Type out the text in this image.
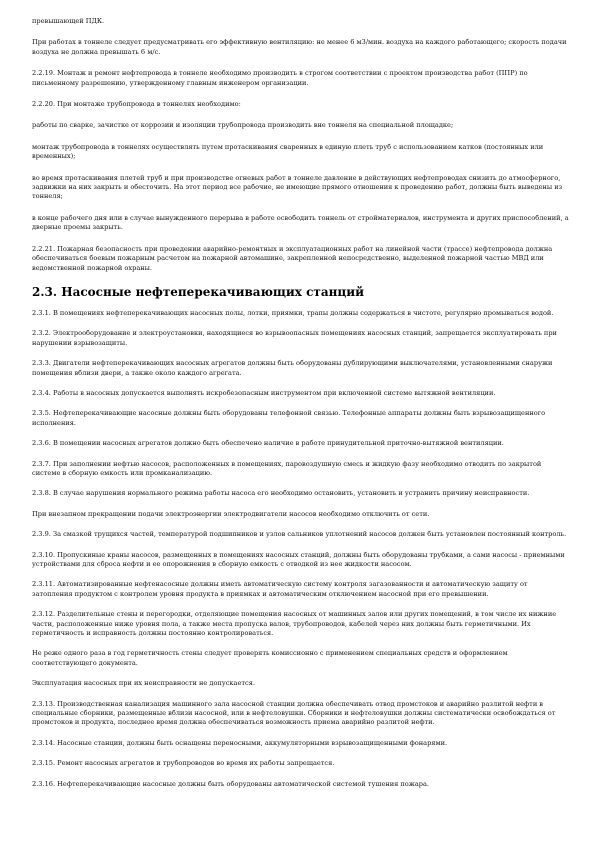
превышающей ПДК.
При работах в тоннеле следует предусматривать его эффективную вентиляцию: не менее 6 м3/мин. воздуха на каждого работающего; скорость подачи воздуха не должна превышать 6 м/с.
2.2.19. Монтаж и ремонт нефтепровода в тоннеле необходимо производить в строгом соответствии с проектом производства работ (ППР) по письменному разрешению, утвержденному главным инженером организации.
2.2.20. При монтаже трубопровода в тоннелях необходимо:
работы по сварке, зачистке от коррозии и изоляции трубопровода производить вне тоннеля на специальной площадке;
монтаж трубопровода в тоннелях осуществлять путем протаскивания сваренных в единую плеть труб с использованием катков (постоянных или временных);
во время протаскивания плетей труб и при производстве огневых работ в тоннеле давление в действующих нефтепроводах снизить до атмосферного, задвижки на них закрыть и обесточить. На этот период все рабочие, не имеющие прямого отношения к проведению работ, должны быть выведены из тоннеля;
в конце рабочего дня или в случае вынужденного перерыва в работе освободить тоннель от стройматериалов, инструмента и других приспособлений, а дверные проемы закрыть.
2.2.21. Пожарная безопасность при проведении аварийно-ремонтных и эксплуатационных работ на линейной части (трассе) нефтепровода должна обеспечиваться боевым пожарным расчетом на пожарной автомашине, закрепленной непосредственно, выделенной пожарной частью МВД или ведомственной пожарной охраны.
2.3. Насосные нефтеперекачивающих станций
2.3.1. В помещениях нефтеперекачивающих насосных полы, лотки, приямки, трапы должны содержаться в чистоте, регулярно промываться водой.
2.3.2. Электрооборудование и электроустановки, находящиеся во взрывоопасных помещениях насосных станций, запрещается эксплуатировать при нарушении взрывозащиты.
2.3.3. Двигатели нефтеперекачивающих насосных агрегатов должны быть оборудованы дублирующими выключателями, установленными снаружи помещения вблизи двери, а также около каждого агрегата.
2.3.4. Работы в насосных допускается выполнять искробезопасным инструментом при включенной системе вытяжной вентиляции.
2.3.5. Нефтеперекачивающие насосные должны быть оборудованы телефонной связью. Телефонные аппараты должны быть взрывозащищенного исполнения.
2.3.6. В помещении насосных агрегатов должно быть обеспечено наличие в работе принудительной приточно-вытяжной вентиляции.
2.3.7. При заполнении нефтью насосов, расположенных в помещениях, паровоздушную смесь и жидкую фазу необходимо отводить по закрытой системе в сборную емкость или промканализацию.
2.3.8. В случае нарушения нормального режима работы насоса его необходимо остановить, установить и устранить причину неисправности.
При внезапном прекращении подачи электроэнергии электродвигатели насосов необходимо отключить от сети.
2.3.9. За смазкой трущихся частей, температурой подшипников и узлов сальников уплотнений насосов должен быть установлен постоянный контроль.
2.3.10. Пропускиные краны насосов, размещенных в помещениях насосных станций, должны быть оборудованы трубками, а сами насосы - приемными устройствами для сброса нефти и ее опорожнения в сборную емкость с отводкой из нее жидкости насосом.
2.3.11. Автоматизированные нефтенасосные должны иметь автоматическую систему контроля загазованности и автоматическую защиту от затопления продуктом с контролем уровня продукта в приямках и автоматическим отключением насосной при его превышении.
2.3.12. Разделительные стены и перегородки, отделяющие помещения насосных от машинных залов или других помещений, в том числе их нижние части, расположенные ниже уровня пола, а также места пропуска валов, трубопроводов, кабелей через них должны быть герметичными. Их герметичность и исправность должны постоянно контролироваться.
Не реже одного раза в год герметичность стены следует проверять комиссионно с применением специальных средств и оформлением соответствующего документа.
Эксплуатация насосных при их неисправности не допускается.
2.3.13. Производственная канализация машинного зала насосной станции должна обеспечивать отвод промстоков и аварийно разлитой нефти в специальные сборники, размещенные вблизи насосной, или в нефтеловушки. Сборники и нефтеловушки должны систематически освобождаться от промстоков и продукта, последнее время должна обеспечиваться возможность приема аварийно разлитой нефти.
2.3.14. Насосные станции, должны быть оснащены переносными, аккумуляторными взрывозащищенными фонарями.
2.3.15. Ремонт насосных агрегатов и трубопроводов во время их работы запрещается.
2.3.16. Нефтеперекачивающие насосные должны быть оборудованы автоматической системой тушения пожара.
